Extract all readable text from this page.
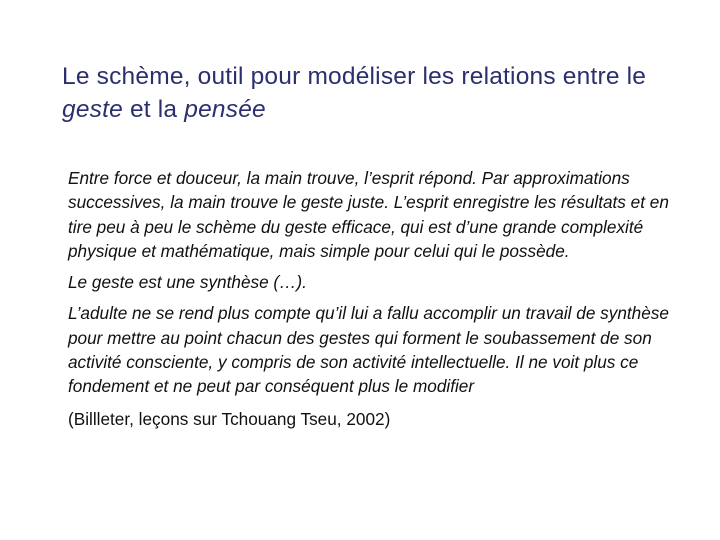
Le schème, outil pour modéliser les relations entre le geste et la pensée

Entre force et douceur, la main trouve, l’esprit répond. Par approximations successives, la main trouve le geste juste. L’esprit enregistre les résultats et en tire peu à peu le schème du geste efficace, qui est d’une grande complexité physique et mathématique, mais simple pour celui qui le possède.

Le geste est une synthèse (…).

L’adulte ne se rend plus compte qu’il lui a fallu accomplir un travail de synthèse pour mettre au point chacun des gestes qui forment le soubassement de son activité consciente, y compris de son activité intellectuelle. Il ne voit plus ce fondement et ne peut par conséquent plus le modifier

(Billleter, leçons sur Tchouang Tseu, 2002)
